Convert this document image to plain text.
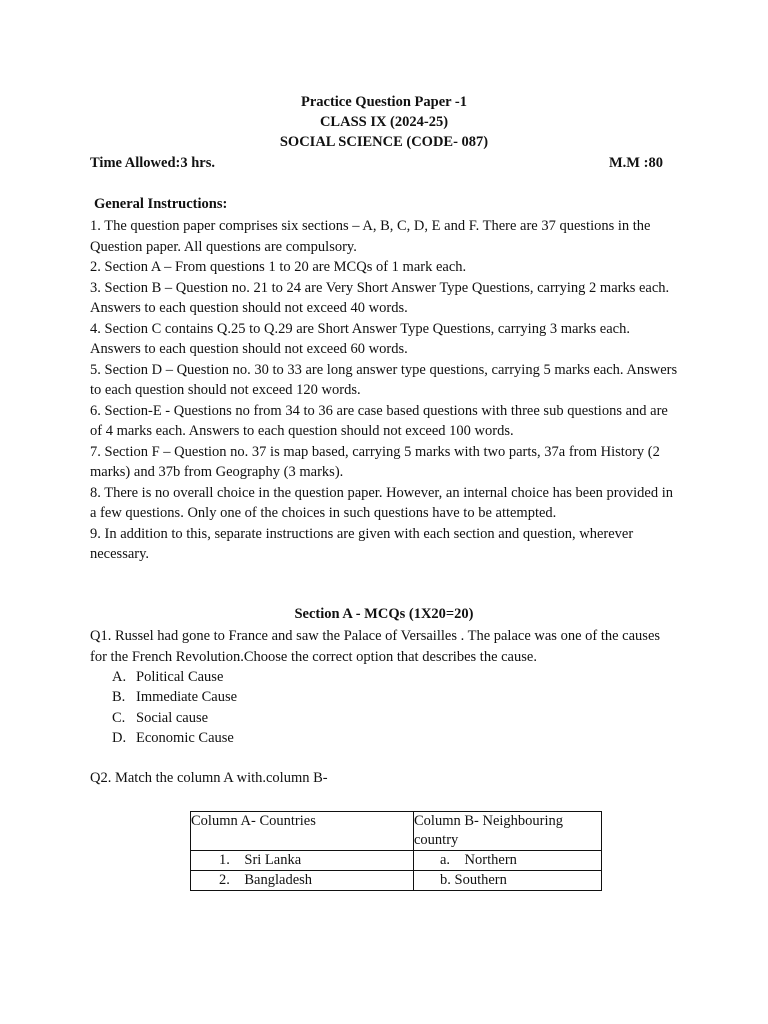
Practice Question Paper -1
CLASS IX (2024-25)
SOCIAL SCIENCE (CODE- 087)
Time Allowed:3 hrs.	M.M :80
General Instructions:

1. The question paper comprises six sections – A, B, C, D, E and F. There are 37 questions in the Question paper. All questions are compulsory.

2. Section A – From questions 1 to 20 are MCQs of 1 mark each.

3. Section B – Question no. 21 to 24 are Very Short Answer Type Questions, carrying 2 marks each. Answers to each question should not exceed 40 words.

4. Section C contains Q.25 to Q.29 are Short Answer Type Questions, carrying 3 marks each. Answers to each question should not exceed 60 words.

5. Section D – Question no. 30 to 33 are long answer type questions, carrying 5 marks each. Answers to each question should not exceed 120 words.

6. Section-E - Questions no from 34 to 36 are case based questions with three sub questions and are of 4 marks each. Answers to each question should not exceed 100 words.

7. Section F – Question no. 37 is map based, carrying 5 marks with two parts, 37a from History (2 marks) and 37b from Geography (3 marks).

8. There is no overall choice in the question paper. However, an internal choice has been provided in a few questions. Only one of the choices in such questions have to be attempted.

9. In addition to this, separate instructions are given with each section and question, wherever necessary.

Section A - MCQs (1X20=20)
Q1. Russel had gone to France and saw the Palace of Versailles . The palace was one of the causes for the French Revolution.Choose the correct option that describes the cause.
A. Political Cause
B. Immediate Cause
C. Social cause
D. Economic Cause
Q2. Match the column A with.column B-
Column A- Countries	Column B- Neighbouring country
1.    Sri Lanka	a.    Northern
2.    Bangladesh	b. Southern
